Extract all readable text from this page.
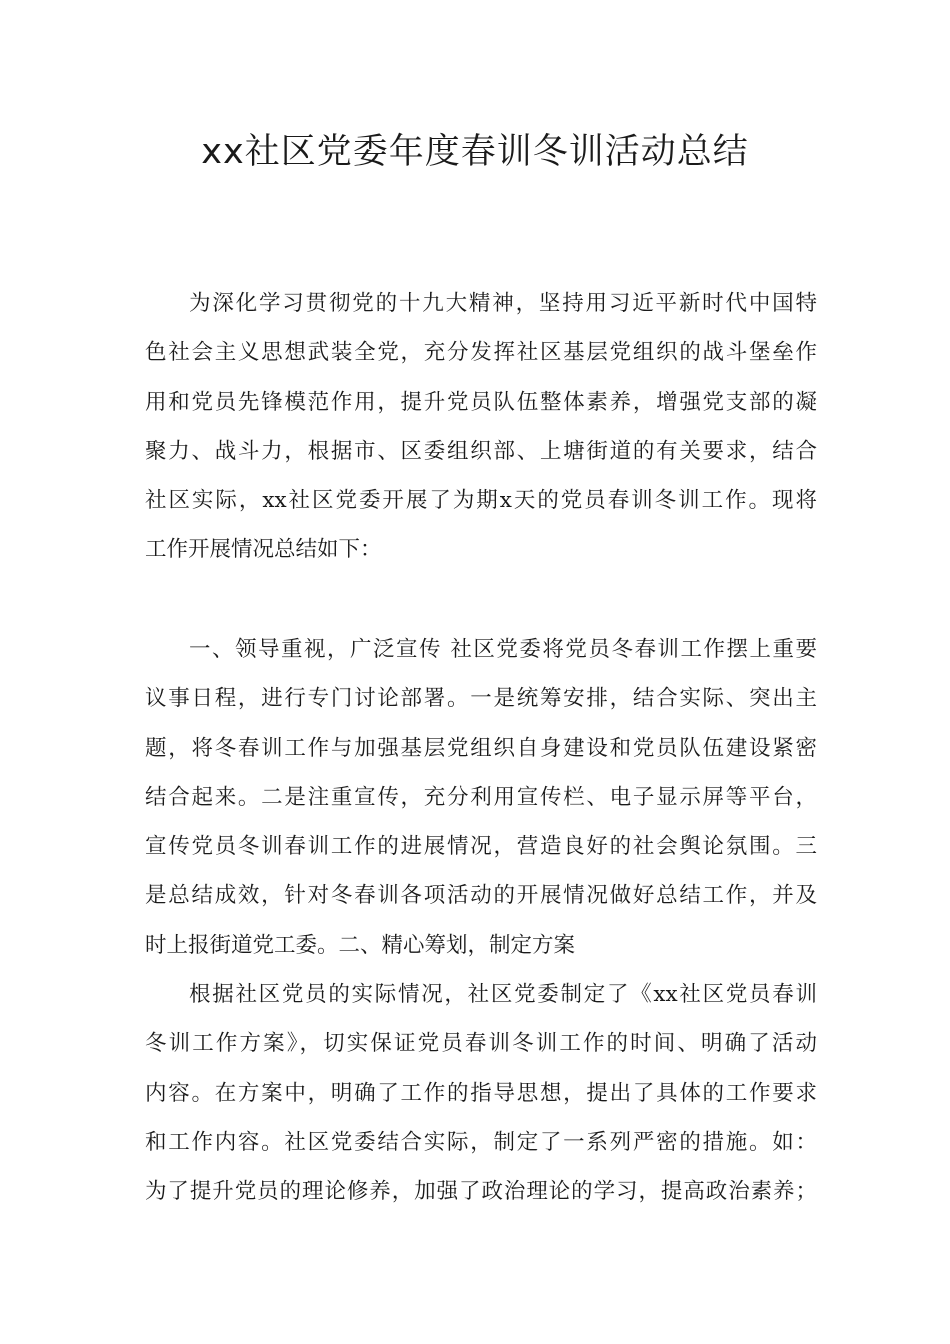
xx社区党委年度春训冬训活动总结
为深化学习贯彻党的十九大精神，坚持用习近平新时代中国特
色社会主义思想武装全党，充分发挥社区基层党组织的战斗堡垒作
用和党员先锋模范作用，提升党员队伍整体素养，增强党支部的凝
聚力、战斗力，根据市、区委组织部、上塘街道的有关要求，结合
社区实际，xx社区党委开展了为期x天的党员春训冬训工作。现将
工作开展情况总结如下：
一、领导重视，广泛宣传 社区党委将党员冬春训工作摆上重要
议事日程，进行专门讨论部署。一是统筹安排，结合实际、突出主
题，将冬春训工作与加强基层党组织自身建设和党员队伍建设紧密
结合起来。二是注重宣传，充分利用宣传栏、电子显示屏等平台，
宣传党员冬训春训工作的进展情况，营造良好的社会舆论氛围。三
是总结成效，针对冬春训各项活动的开展情况做好总结工作，并及
时上报街道党工委。二、精心筹划，制定方案
根据社区党员的实际情况，社区党委制定了《xx社区党员春训
冬训工作方案》，切实保证党员春训冬训工作的时间、明确了活动
内容。在方案中，明确了工作的指导思想，提出了具体的工作要求
和工作内容。社区党委结合实际，制定了一系列严密的措施。如：
为了提升党员的理论修养，加强了政治理论的学习，提高政治素养；
